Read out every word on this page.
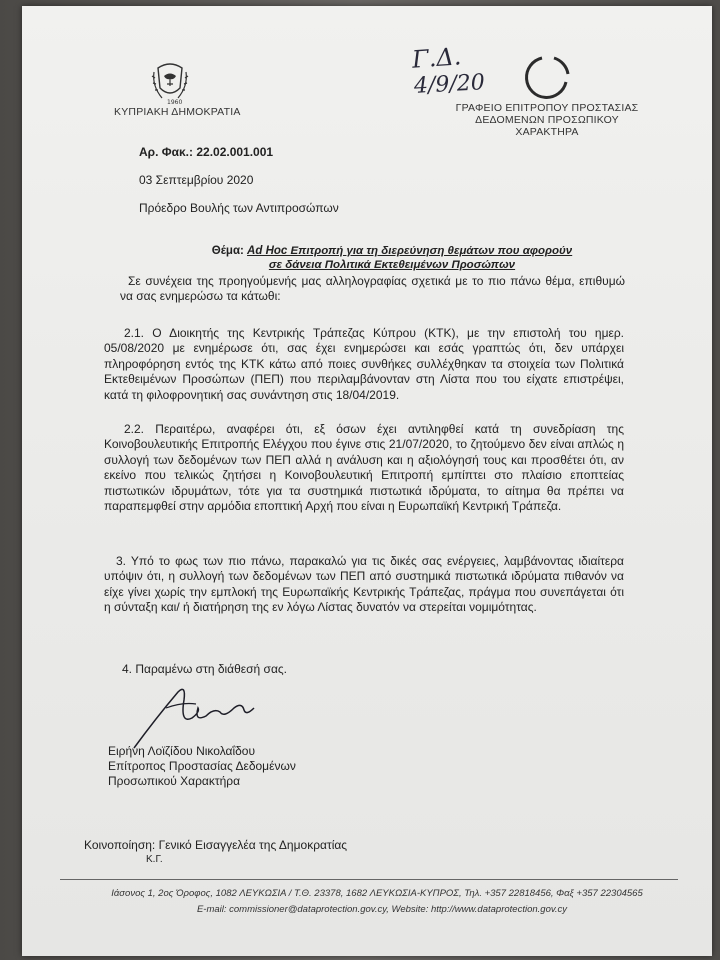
1960
ΚΥΠΡΙΑΚΗ ΔΗΜΟΚΡΑΤΙΑ
Γ.Δ.
4/9/20
ΓΡΑΦΕΙΟ ΕΠΙΤΡΟΠΟΥ ΠΡΟΣΤΑΣΙΑΣ
ΔΕΔΟΜΕΝΩΝ ΠΡΟΣΩΠΙΚΟΥ
ΧΑΡΑΚΤΗΡΑ
Αρ. Φακ.: 22.02.001.001
03 Σεπτεμβρίου 2020
Πρόεδρο Βουλής των Αντιπροσώπων
Θέμα: Ad Hoc Επιτροπή για τη διερεύνηση θεμάτων που αφορούν
σε δάνεια Πολιτικά Εκτεθειμένων Προσώπων
Σε συνέχεια της προηγούμενής μας αλληλογραφίας σχετικά με το πιο πάνω θέμα, επιθυμώ να σας ενημερώσω τα κάτωθι:
2.1. Ο Διοικητής της Κεντρικής Τράπεζας Κύπρου (ΚΤΚ), με την επιστολή του ημερ. 05/08/2020 με ενημέρωσε ότι, σας έχει ενημερώσει και εσάς γραπτώς ότι, δεν υπάρχει πληροφόρηση εντός της ΚΤΚ κάτω από ποιες συνθήκες συλλέχθηκαν τα στοιχεία των Πολιτικά Εκτεθειμένων Προσώπων (ΠΕΠ) που περιλαμβάνονταν στη Λίστα που του είχατε επιστρέψει, κατά τη φιλοφρονητική σας συνάντηση στις 18/04/2019.
2.2. Περαιτέρω, αναφέρει ότι, εξ όσων έχει αντιληφθεί κατά τη συνεδρίαση της Κοινοβουλευτικής Επιτροπής Ελέγχου που έγινε στις 21/07/2020, το ζητούμενο δεν είναι απλώς η συλλογή των δεδομένων των ΠΕΠ αλλά η ανάλυση και η αξιολόγησή τους και προσθέτει ότι, αν εκείνο που τελικώς ζητήσει η Κοινοβουλευτική Επιτροπή εμπίπτει στο πλαίσιο εποπτείας πιστωτικών ιδρυμάτων, τότε για τα συστημικά πιστωτικά ιδρύματα, το αίτημα θα πρέπει να παραπεμφθεί στην αρμόδια εποπτική Αρχή που είναι η Ευρωπαϊκή Κεντρική Τράπεζα.
3. Υπό το φως των πιο πάνω, παρακαλώ για τις δικές σας ενέργειες, λαμβάνοντας ιδιαίτερα υπόψιν ότι, η συλλογή των δεδομένων των ΠΕΠ από συστημικά πιστωτικά ιδρύματα πιθανόν να είχε γίνει χωρίς την εμπλοκή της Ευρωπαϊκής Κεντρικής Τράπεζας, πράγμα που συνεπάγεται ότι η σύνταξη και/ ή διατήρηση της εν λόγω Λίστας δυνατόν να στερείται νομιμότητας.
4. Παραμένω στη διάθεσή σας.
Ειρήνη Λοϊζίδου Νικολαΐδου
Επίτροπος Προστασίας Δεδομένων
Προσωπικού Χαρακτήρα
Κοινοποίηση: Γενικό Εισαγγελέα της Δημοκρατίας
Κ.Γ.
Ιάσονος 1, 2ος Όροφος, 1082 ΛΕΥΚΩΣΙΑ / Τ.Θ. 23378, 1682 ΛΕΥΚΩΣΙΑ-ΚΥΠΡΟΣ, Τηλ. +357 22818456, Φαξ +357 22304565
E-mail: commissioner@dataprotection.gov.cy, Website: http://www.dataprotection.gov.cy
